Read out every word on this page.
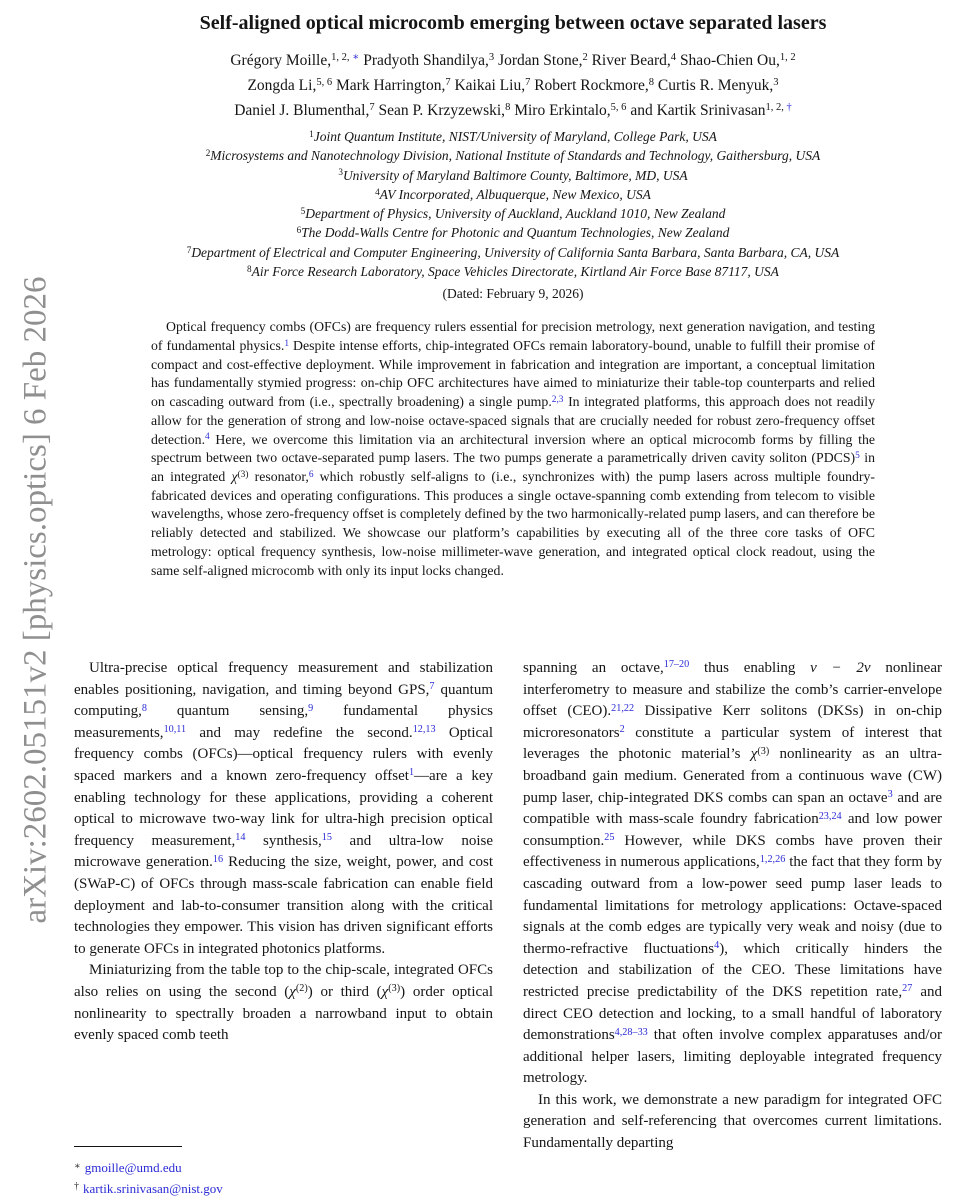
arXiv:2602.05151v2 [physics.optics] 6 Feb 2026
Self-aligned optical microcomb emerging between octave separated lasers

Grégory Moille,$^{1, 2,}$ ∗ Pradyoth Shandilya,$^3$ Jordan Stone,$^2$ River Beard,$^4$ Shao-Chien Ou,$^{1, 2}$

Zongda Li,$^{5, 6}$ Mark Harrington,$^7$ Kaikai Liu,$^7$ Robert Rockmore,$^8$ Curtis R. Menyuk,$^3$

Daniel J. Blumenthal,$^7$ Sean P. Krzyzewski,$^8$ Miro Erkintalo,$^{5, 6}$ and Kartik Srinivasan$^{1, 2,}$ †

$^1$Joint Quantum Institute, NIST/University of Maryland, College Park, USA

$^2$Microsystems and Nanotechnology Division, National Institute of Standards and Technology, Gaithersburg, USA

$^3$University of Maryland Baltimore County, Baltimore, MD, USA

$^4$AV Incorporated, Albuquerque, New Mexico, USA

$^5$Department of Physics, University of Auckland, Auckland 1010, New Zealand

$^6$The Dodd-Walls Centre for Photonic and Quantum Technologies, New Zealand

$^7$Department of Electrical and Computer Engineering, University of California Santa Barbara, Santa Barbara, CA, USA

$^8$Air Force Research Laboratory, Space Vehicles Directorate, Kirtland Air Force Base 87117, USA

(Dated: February 9, 2026)

Optical frequency combs (OFCs) are frequency rulers essential for precision metrology, next generation navigation, and testing of fundamental physics.$^1$ Despite intense efforts, chip-integrated OFCs remain laboratory-bound, unable to fulfill their promise of compact and cost-effective deployment. While improvement in fabrication and integration are important, a conceptual limitation has fundamentally stymied progress: on-chip OFC architectures have aimed to miniaturize their table-top counterparts and relied on cascading outward from (i.e., spectrally broadening) a single pump.$^{2,3}$ In integrated platforms, this approach does not readily allow for the generation of strong and low-noise octave-spaced signals that are crucially needed for robust zero-frequency offset detection.$^4$ Here, we overcome this limitation via an architectural inversion where an optical microcomb forms by filling the spectrum between two octave-separated pump lasers. The two pumps generate a parametrically driven cavity soliton (PDCS)$^5$ in an integrated $\chi^{(3)}$ resonator,$^6$ which robustly self-aligns to (i.e., synchronizes with) the pump lasers across multiple foundry-fabricated devices and operating configurations. This produces a single octave-spanning comb extending from telecom to visible wavelengths, whose zero-frequency offset is completely defined by the two harmonically-related pump lasers, and can therefore be reliably detected and stabilized. We showcase our platform’s capabilities by executing all of the three core tasks of OFC metrology: optical frequency synthesis, low-noise millimeter-wave generation, and integrated optical clock readout, using the same self-aligned microcomb with only its input locks changed.

Ultra-precise optical frequency measurement and stabilization enables positioning, navigation, and timing beyond GPS,$^7$ quantum computing,$^8$ quantum sensing,$^9$ fundamental physics measurements,$^{10,11}$ and may redefine the second.$^{12,13}$ Optical frequency combs (OFCs)—optical frequency rulers with evenly spaced markers and a known zero-frequency offset$^1$—are a key enabling technology for these applications, providing a coherent optical to microwave two-way link for ultra-high precision optical frequency measurement,$^{14}$ synthesis,$^{15}$ and ultra-low noise microwave generation.$^{16}$ Reducing the size, weight, power, and cost (SWaP-C) of OFCs through mass-scale fabrication can enable field deployment and lab-to-consumer transition along with the critical technologies they empower. This vision has driven significant efforts to generate OFCs in integrated photonics platforms.

Miniaturizing from the table top to the chip-scale, integrated OFCs also relies on using the second $(\chi^{(2)})$ or third $(\chi^{(3)})$ order optical nonlinearity to spectrally broaden a narrowband input to obtain evenly spaced comb teeth

∗ gmoille@umd.edu

† kartik.srinivasan@nist.gov

spanning an octave,$^{17-20}$ thus enabling ν − 2ν nonlinear interferometry to measure and stabilize the comb’s carrier-envelope offset (CEO).$^{21,22}$ Dissipative Kerr solitons (DKSs) in on-chip microresonators$^2$ constitute a particular system of interest that leverages the photonic material’s $\chi^{(3)}$ nonlinearity as an ultra-broadband gain medium. Generated from a continuous wave (CW) pump laser, chip-integrated DKS combs can span an octave$^3$ and are compatible with mass-scale foundry fabrication$^{23,24}$ and low power consumption.$^{25}$ However, while DKS combs have proven their effectiveness in numerous applications,$^{1,2,26}$ the fact that they form by cascading outward from a low-power seed pump laser leads to fundamental limitations for metrology applications: Octave-spaced signals at the comb edges are typically very weak and noisy (due to thermo-refractive fluctuations$^4$), which critically hinders the detection and stabilization of the CEO. These limitations have restricted precise predictability of the DKS repetition rate,$^{27}$ and direct CEO detection and locking, to a small handful of laboratory demonstrations$^{4,28-33}$ that often involve complex apparatuses and/or additional helper lasers, limiting deployable integrated frequency metrology.

In this work, we demonstrate a new paradigm for integrated OFC generation and self-referencing that overcomes current limitations. Fundamentally departing
